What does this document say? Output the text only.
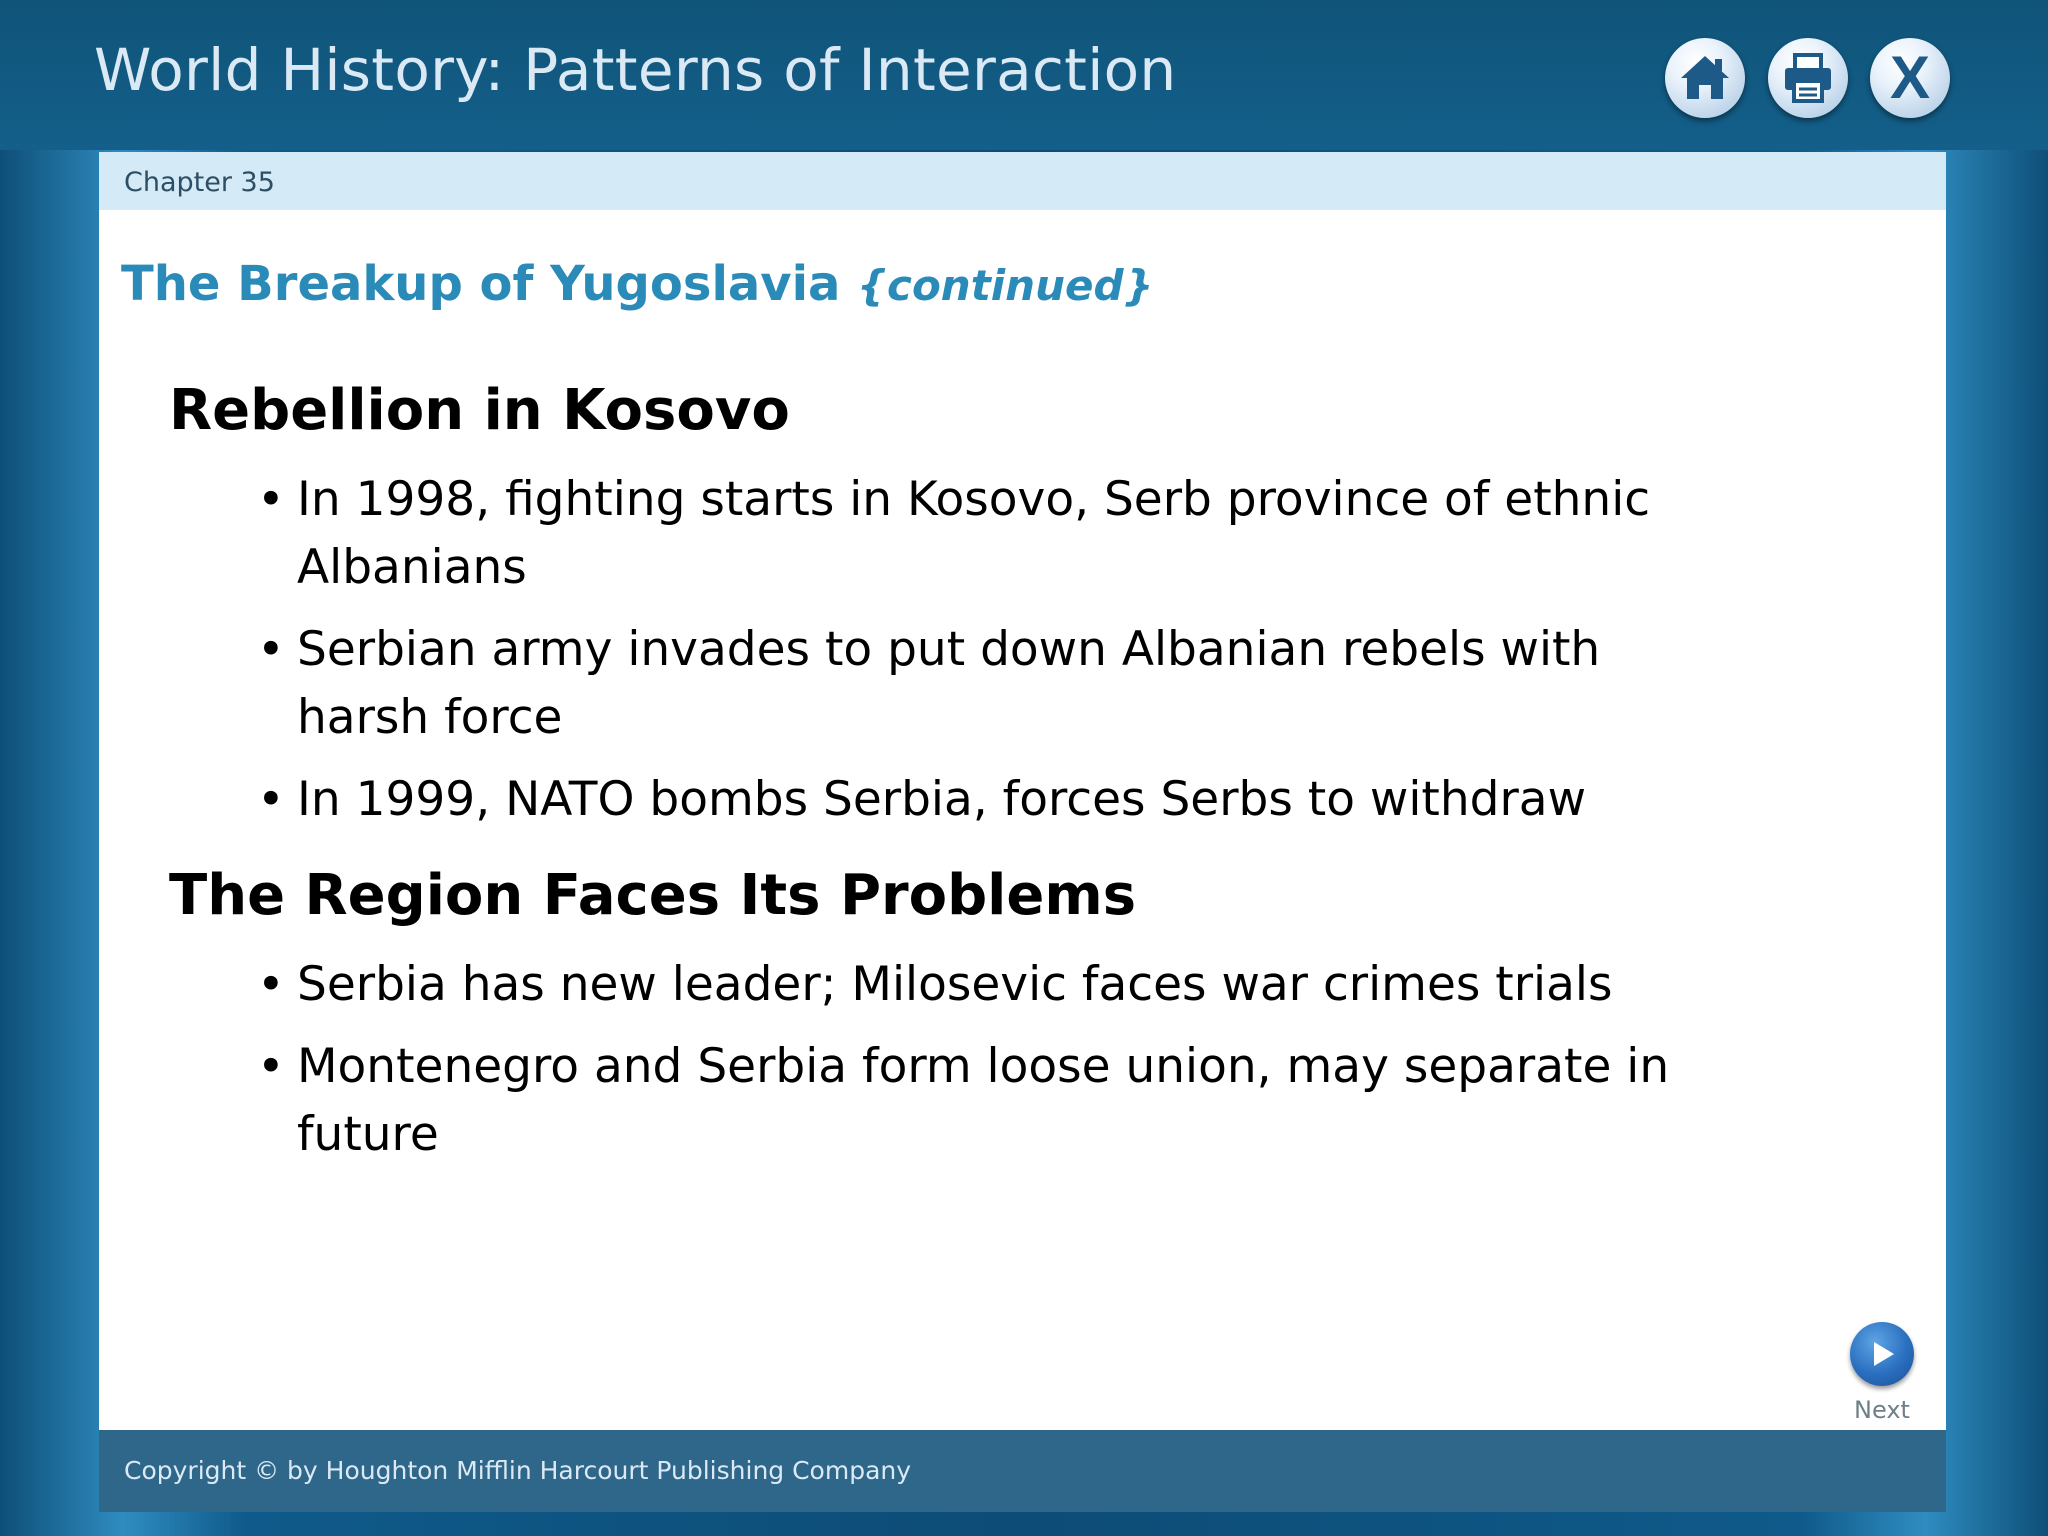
World History: Patterns of Interaction	X
Chapter 35
The Breakup of Yugoslavia {continued}
Rebellion in Kosovo
• In 1998, fighting starts in Kosovo, Serb province of ethnic Albanians
• Serbian army invades to put down Albanian rebels with harsh force
• In 1999, NATO bombs Serbia, forces Serbs to withdraw
The Region Faces Its Problems
• Serbia has new leader; Milosevic faces war crimes trials
• Montenegro and Serbia form loose union, may separate in future
Next
Copyright © by Houghton Mifflin Harcourt Publishing Company
